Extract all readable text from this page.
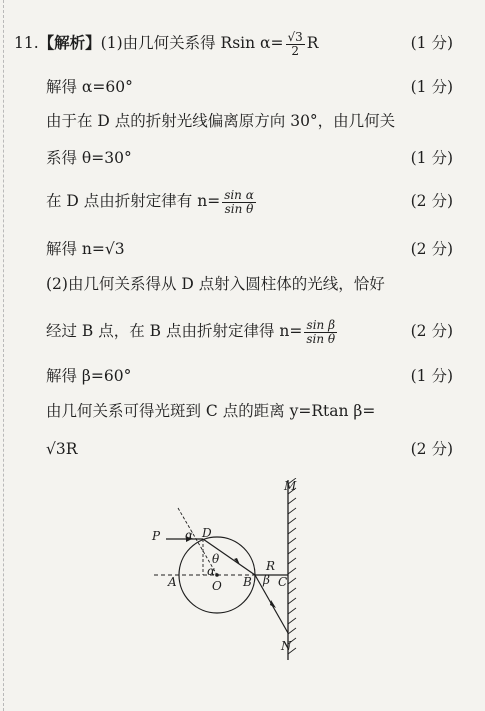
11.【解析】(1)由几何关系得 Rsin $\alpha= \frac{√3}{2}$ R	(1 分)
解得 α=60°	(1 分)
由于在 D 点的折射光线偏离原方向 30°，由几何关
系得 θ=30°	(1 分)
在 D 点由折射定律有 $n= \frac{\text{sin α}}{\text{sin θ}}$	(2 分)
解得 n=√3	(2 分)
(2)由几何关系得从 D 点射入圆柱体的光线，恰好
经过 B 点，在 B 点由折射定律得 $n= \frac{\text{sin β}}{\text{sin θ}}$	(2 分)
解得 β=60°	(1 分)
由几何关系可得光斑到 C 点的距离 y=Rtan β=
√3R	(2 分)
M
N
P α D
θ
α
A	O B
R
β C
